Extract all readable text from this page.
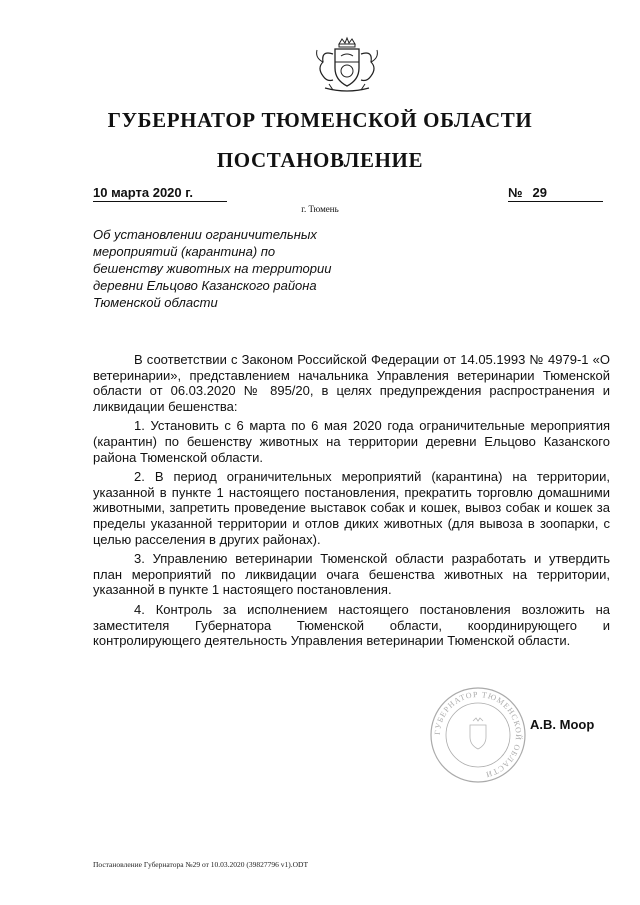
ГУБЕРНАТОР ТЮМЕНСКОЙ ОБЛАСТИ
ПОСТАНОВЛЕНИЕ
10 марта 2020 г.	№ 29
г. Тюмень
Об установлении ограничительных
мероприятий (карантина) по
бешенству животных на территории
деревни Ельцово Казанского района
Тюменской области

В соответствии с Законом Российской Федерации от 14.05.1993 № 4979-1 «О ветеринарии», представлением начальника Управления ветеринарии Тюменской области от 06.03.2020 № 895/20, в целях предупреждения распространения и ликвидации бешенства:

1. Установить с 6 марта по 6 мая 2020 года ограничительные мероприятия (карантин) по бешенству животных на территории деревни Ельцово Казанского района Тюменской области.

2. В период ограничительных мероприятий (карантина) на территории, указанной в пункте 1 настоящего постановления, прекратить торговлю домашними животными, запретить проведение выставок собак и кошек, вывоз собак и кошек за пределы указанной территории и отлов диких животных (для вывоза в зоопарки, с целью расселения в других районах).

3. Управлению ветеринарии Тюменской области разработать и утвердить план мероприятий по ликвидации очага бешенства животных на территории, указанной в пункте 1 настоящего постановления.

4. Контроль за исполнением настоящего постановления возложить на заместителя Губернатора Тюменской области, координирующего и контролирующего деятельность Управления ветеринарии Тюменской области.

ГУБЕРНАТОР ТЮМЕНСКОЙ ОБЛАСТИ
А.В. Моор
Постановление Губернатора №29 от 10.03.2020 (39827796 v1).ODT
